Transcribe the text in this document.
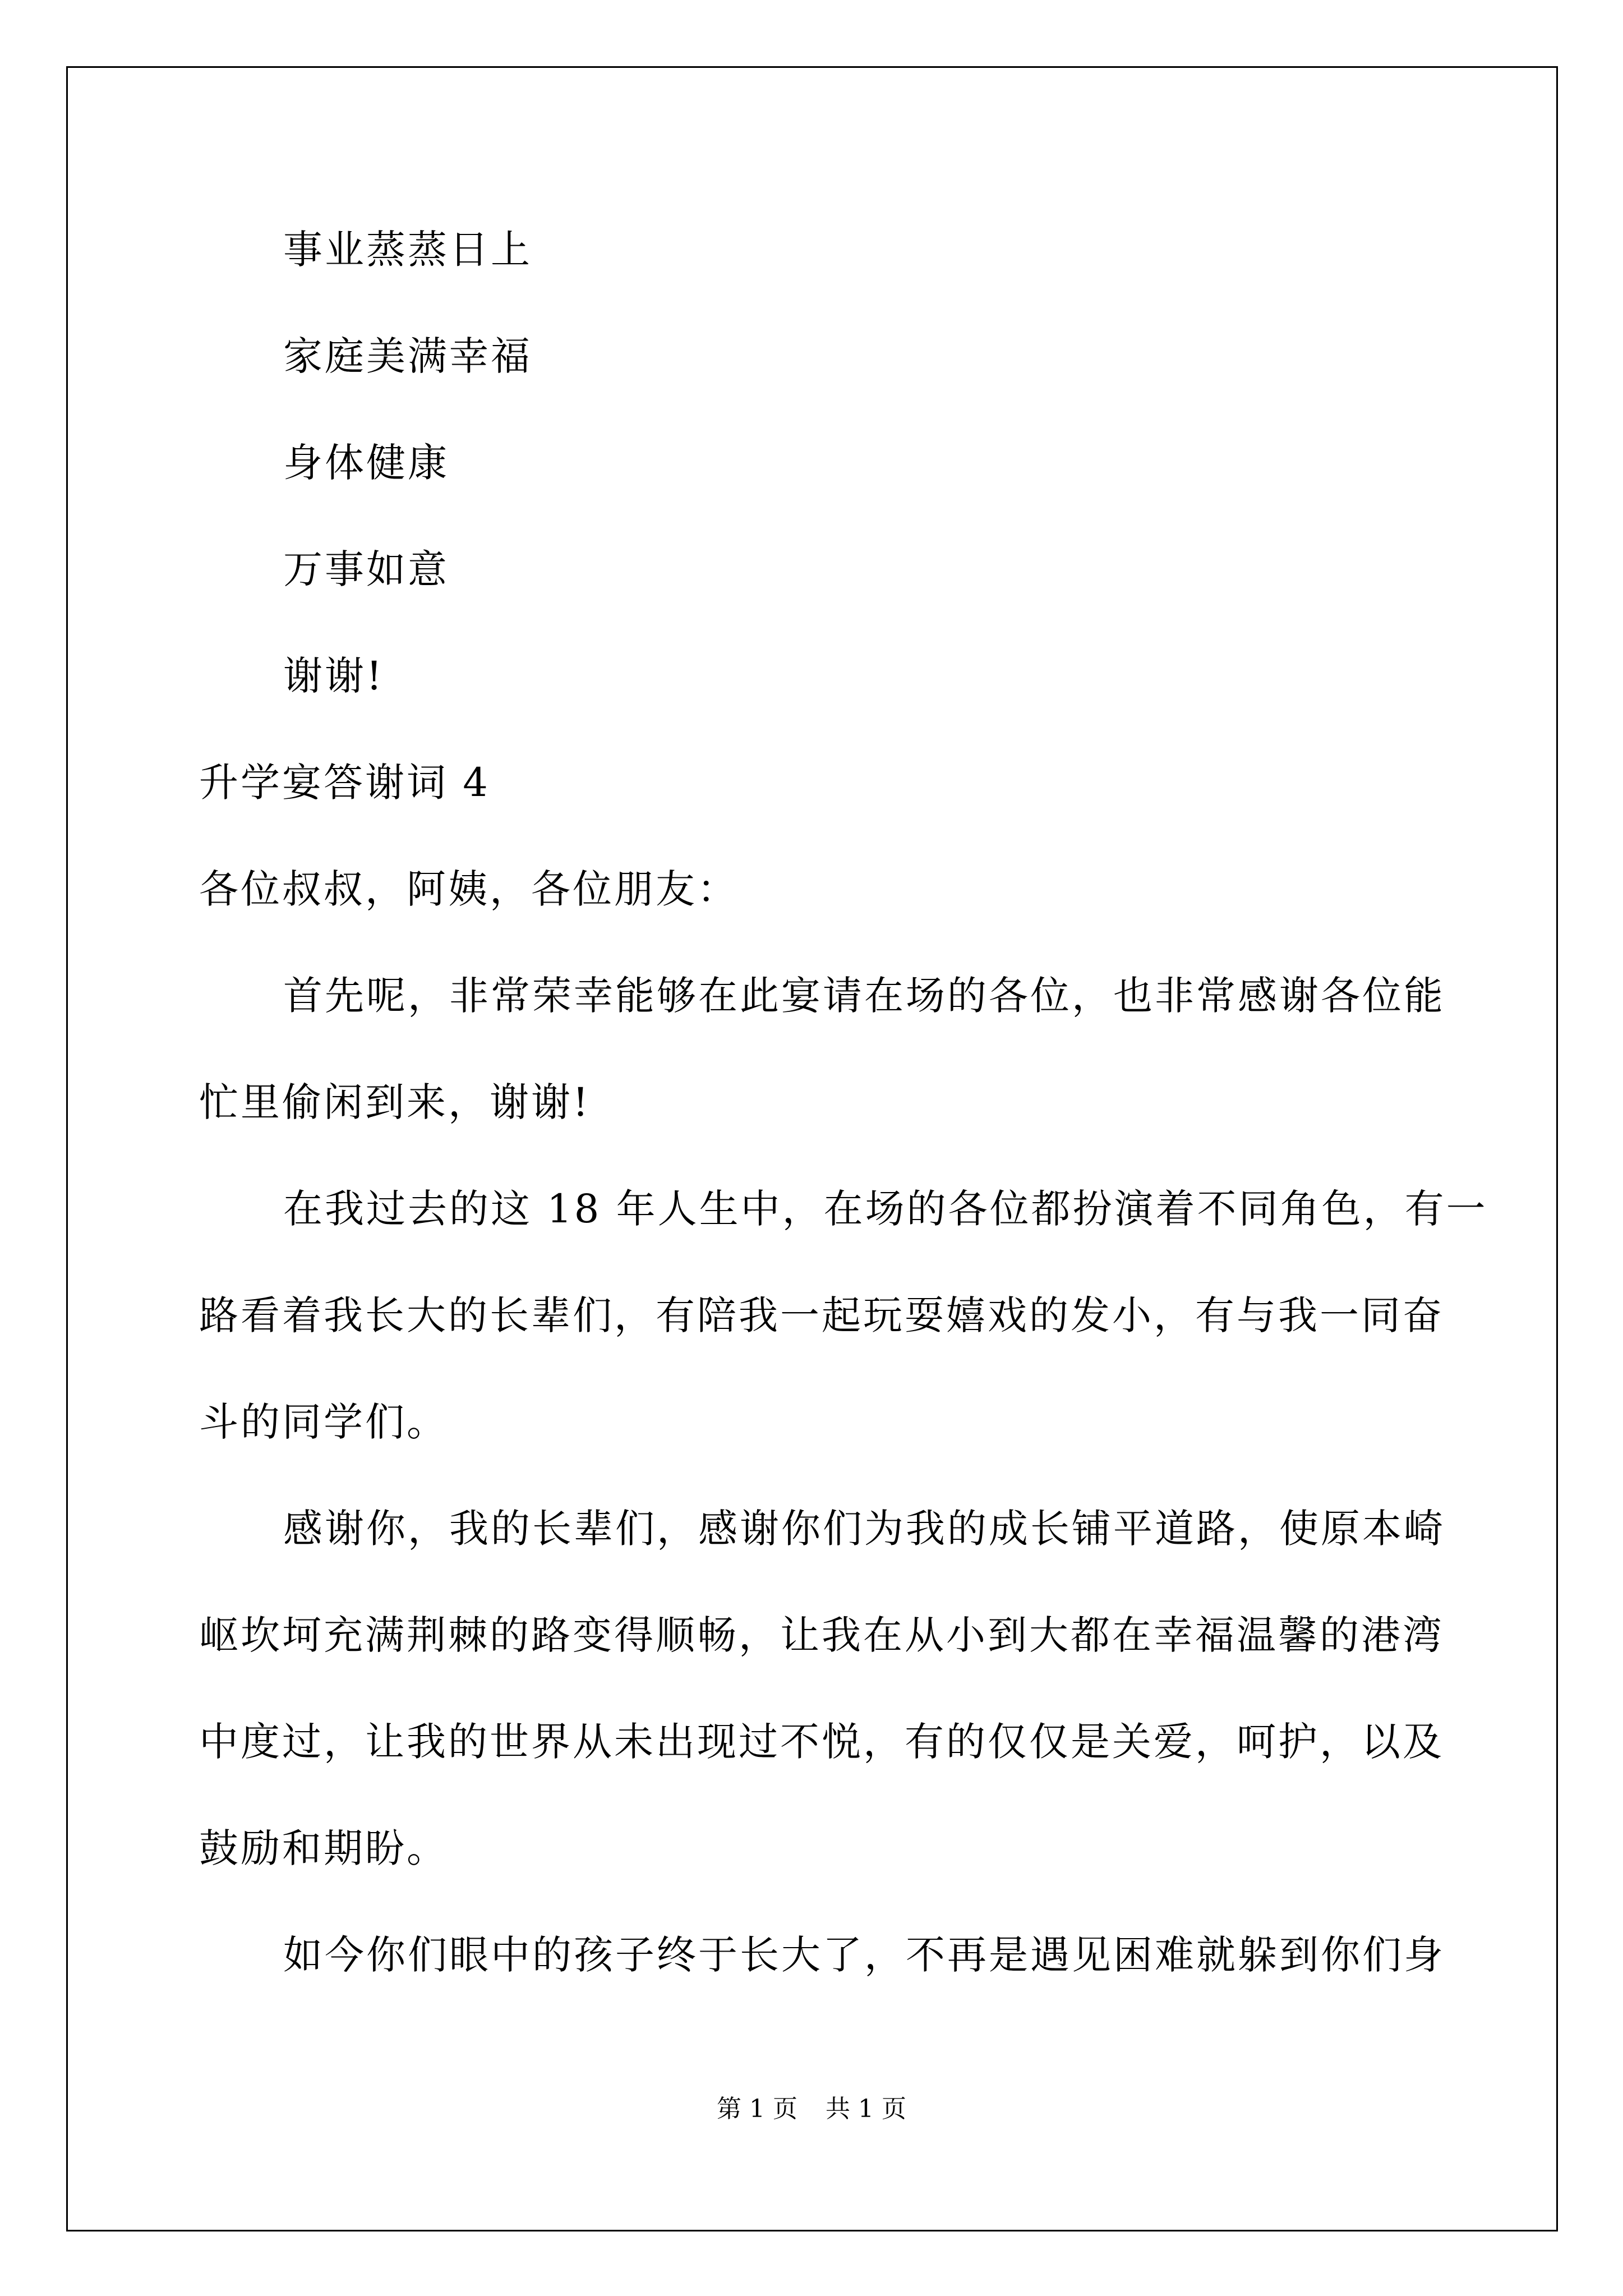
事业蒸蒸日上
家庭美满幸福
身体健康
万事如意
谢谢!
升学宴答谢词 4
各位叔叔，阿姨，各位朋友：
首先呢，非常荣幸能够在此宴请在场的各位，也非常感谢各位能
忙里偷闲到来，谢谢!
在我过去的这 18 年人生中，在场的各位都扮演着不同角色，有一
路看着我长大的长辈们，有陪我一起玩耍嬉戏的发小，有与我一同奋
斗的同学们。
感谢你，我的长辈们，感谢你们为我的成长铺平道路，使原本崎
岖坎坷充满荆棘的路变得顺畅，让我在从小到大都在幸福温馨的港湾
中度过，让我的世界从未出现过不悦，有的仅仅是关爱，呵护，以及
鼓励和期盼。
如今你们眼中的孩子终于长大了，不再是遇见困难就躲到你们身
第 1 页 共 1 页
